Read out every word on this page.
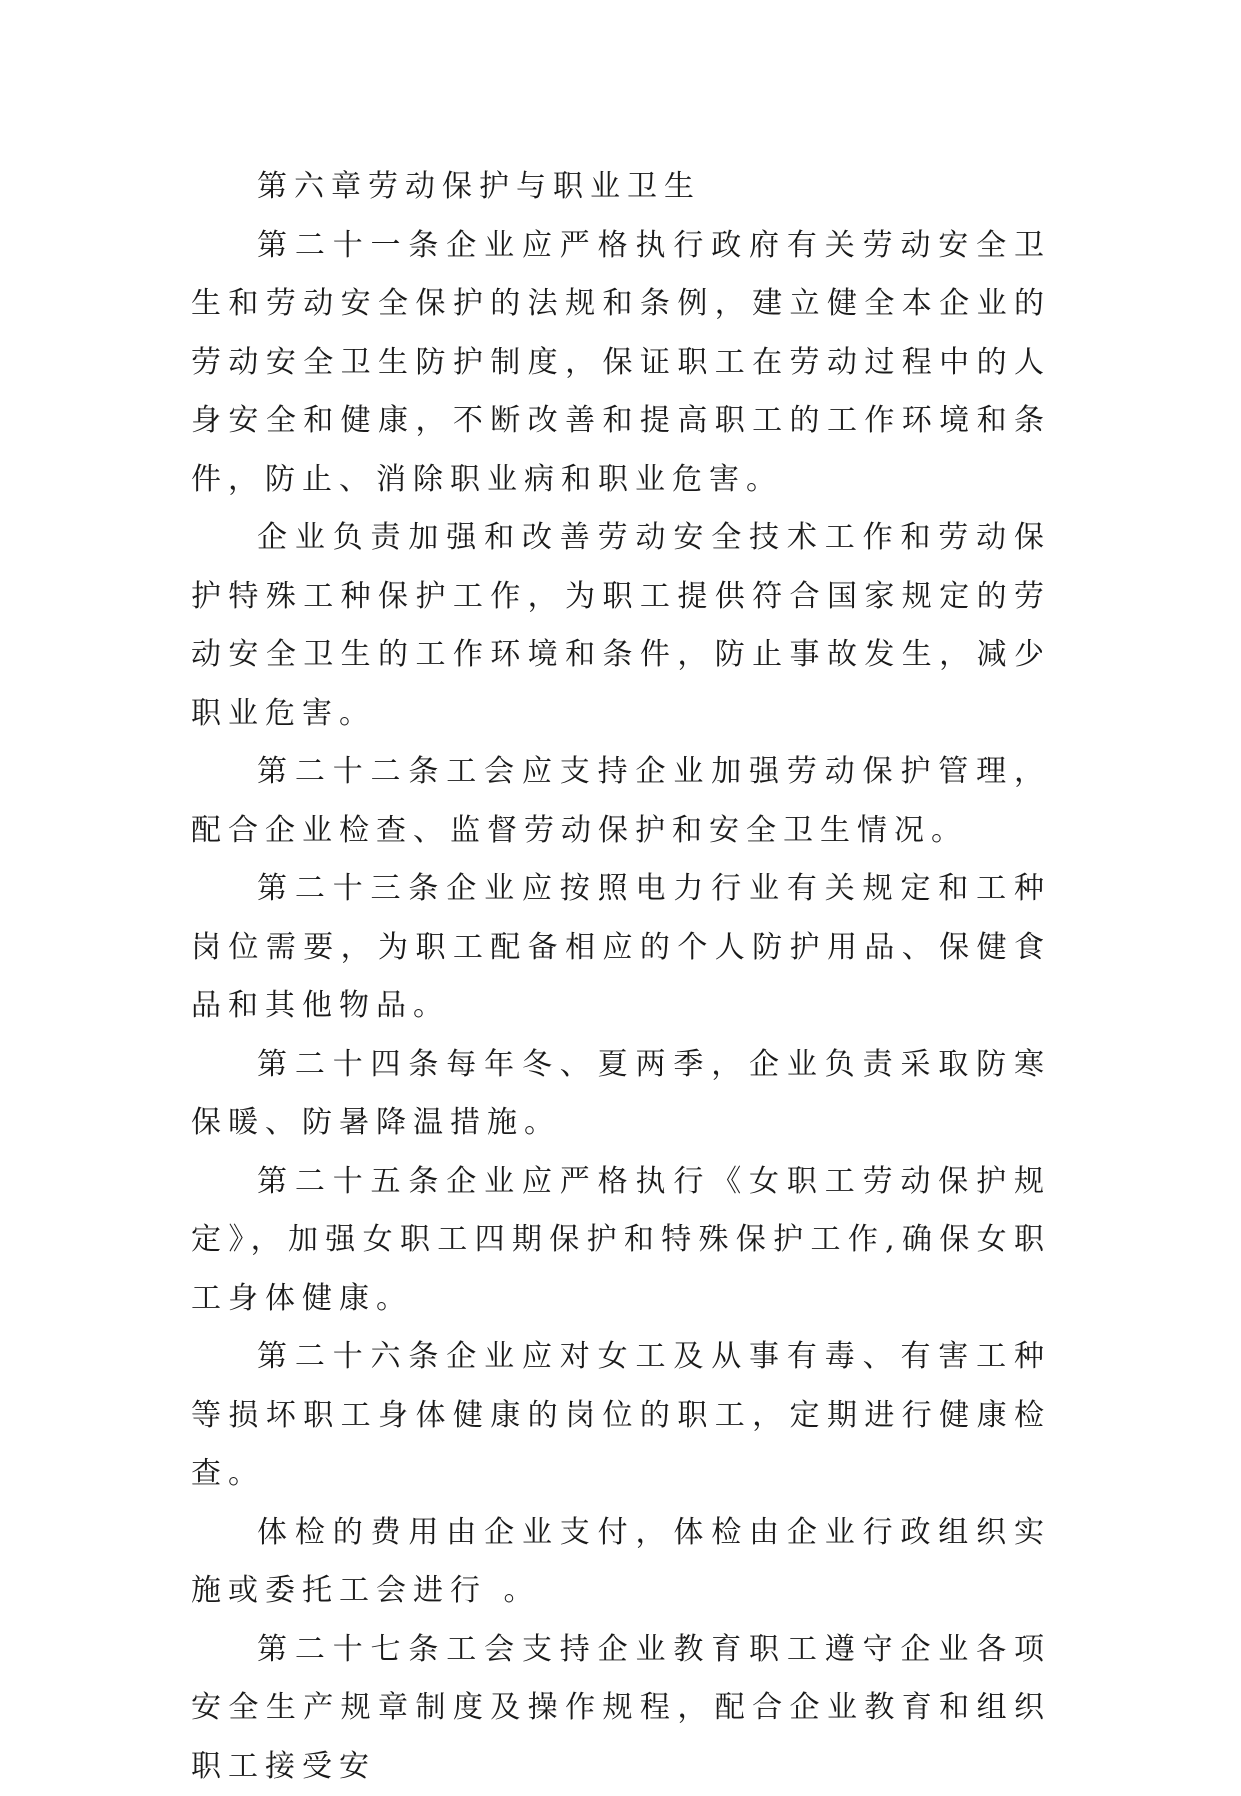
第六章劳动保护与职业卫生

第二十一条企业应严格执行政府有关劳动安全卫生和劳动安全保护的法规和条例，建立健全本企业的劳动安全卫生防护制度，保证职工在劳动过程中的人身安全和健康，不断改善和提高职工的工作环境和条件，防止、消除职业病和职业危害。

企业负责加强和改善劳动安全技术工作和劳动保护特殊工种保护工作，为职工提供符合国家规定的劳动安全卫生的工作环境和条件，防止事故发生，减少职业危害。

第二十二条工会应支持企业加强劳动保护管理，配合企业检查、监督劳动保护和安全卫生情况。

第二十三条企业应按照电力行业有关规定和工种岗位需要，为职工配备相应的个人防护用品、保健食品和其他物品。

第二十四条每年冬、夏两季，企业负责采取防寒保暖、防暑降温措施。

第二十五条企业应严格执行《女职工劳动保护规定》，加强女职工四期保护和特殊保护工作,确保女职工身体健康。

第二十六条企业应对女工及从事有毒、有害工种等损坏职工身体健康的岗位的职工，定期进行健康检查。

体检的费用由企业支付，体检由企业行政组织实施或委托工会进行 。

第二十七条工会支持企业教育职工遵守企业各项安全生产规章制度及操作规程，配合企业教育和组织职工接受安
